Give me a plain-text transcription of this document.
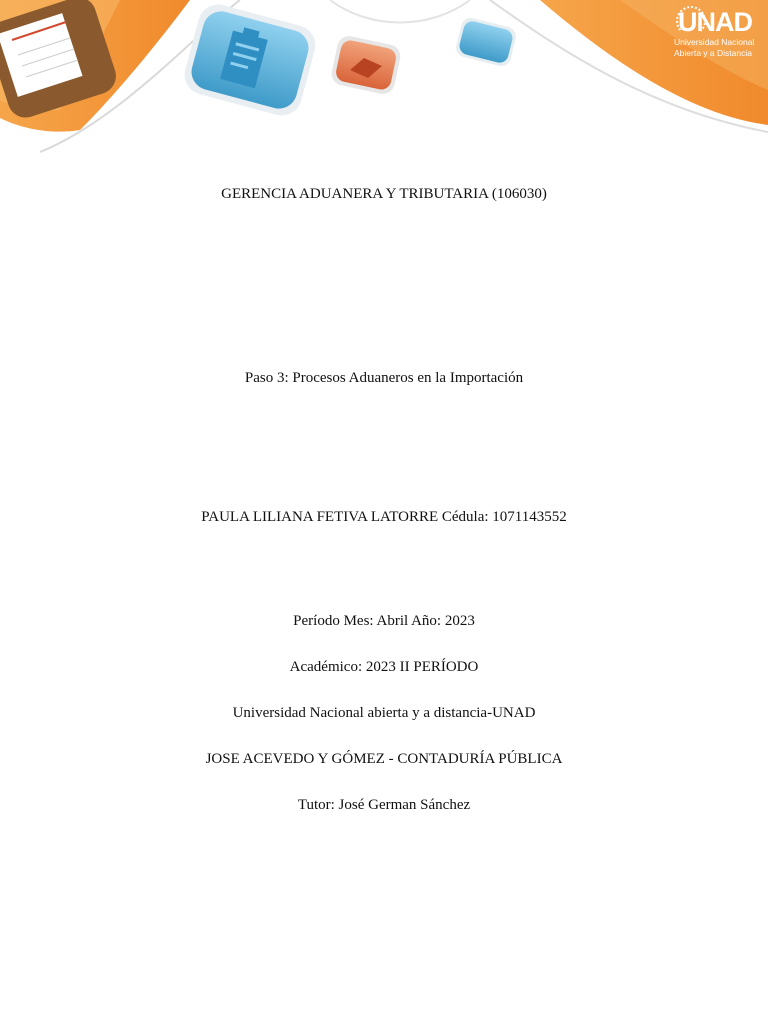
UNAD
Universidad Nacional
Abierta y a Distancia
GERENCIA ADUANERA Y TRIBUTARIA (106030)
Paso 3: Procesos Aduaneros en la Importación
PAULA LILIANA FETIVA LATORRE Cédula: 1071143552
Período Mes: Abril Año: 2023
Académico: 2023 II PERÍODO
Universidad Nacional abierta y a distancia-UNAD
JOSE ACEVEDO Y GÓMEZ - CONTADURÍA PÚBLICA
Tutor: José German Sánchez
